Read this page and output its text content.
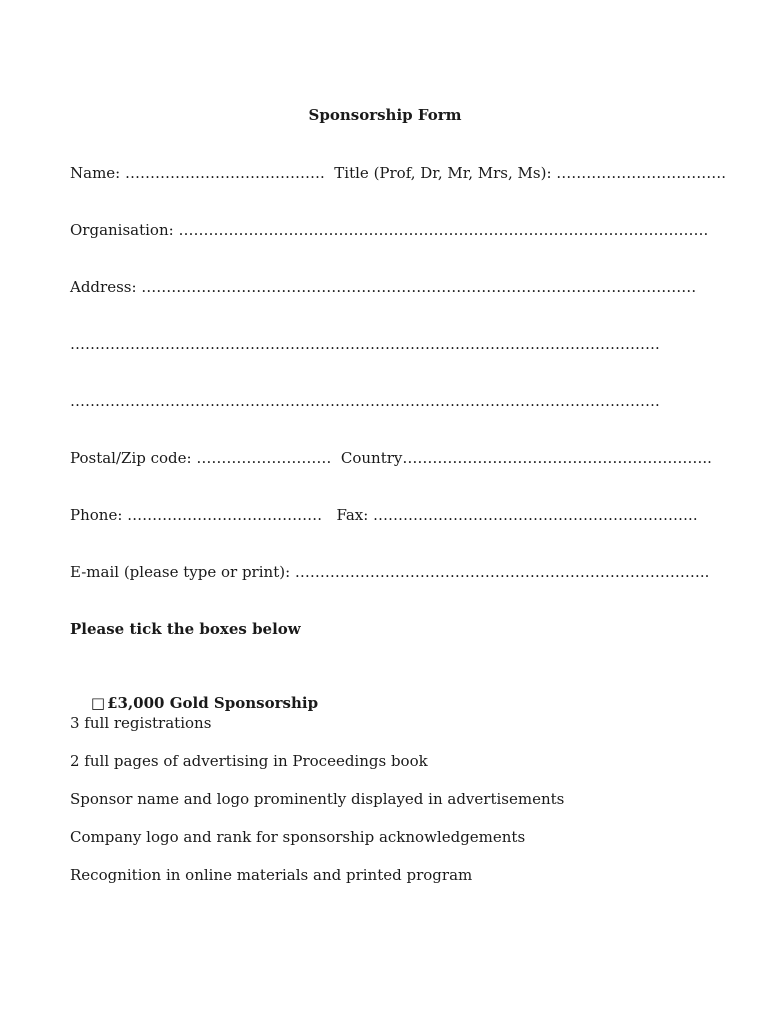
Sponsorship Form
Name: ………………………………….  Title (Prof, Dr, Mr, Mrs, Ms): …………………………….
Organisation: …………………………………………………………………………………………….
Address: …………………………………………………………………………………………………
……………………………………………………………………………………………………….
……………………………………………………………………………………………………….
Postal/Zip code: ………………………  Country……………………………………………………..
Phone: …………………………………   Fax: ………………………………………………………..
E-mail (please type or print): ………………………………………………………………………..
Please tick the boxes below

□ £3,000 Gold Sponsorship

3 full registrations
2 full pages of advertising in Proceedings book
Sponsor name and logo prominently displayed in advertisements
Company logo and rank for sponsorship acknowledgements
Recognition in online materials and printed program
